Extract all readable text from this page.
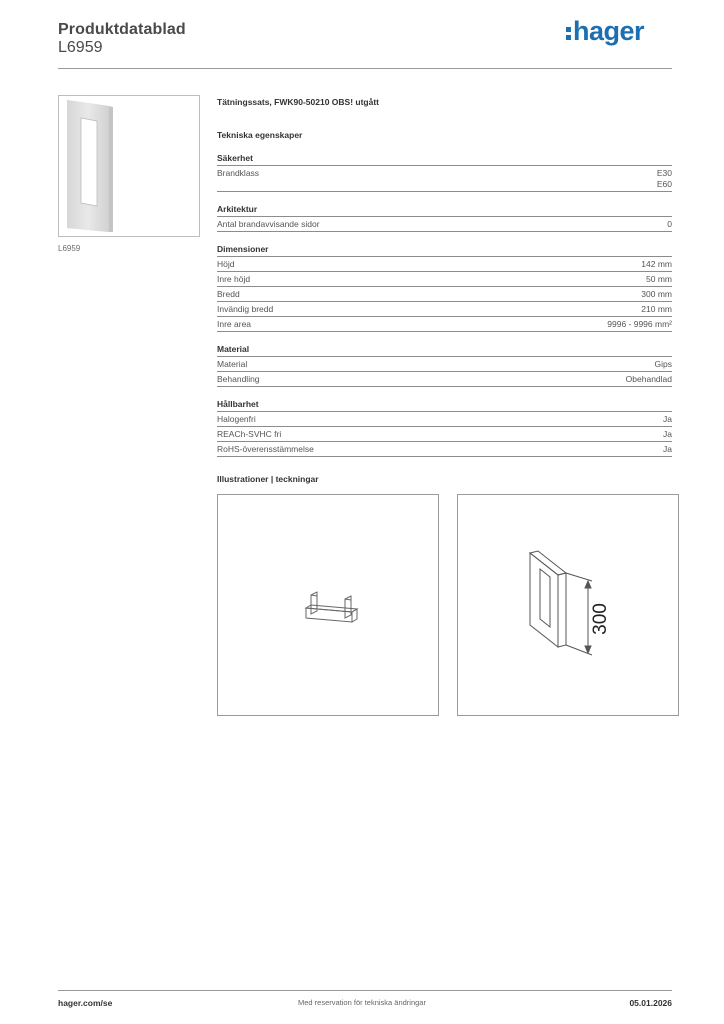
Produktdatablad
L6959
hager
L6959
Tätningssats, FWK90-50210 OBS! utgått
Tekniska egenskaper
Säkerhet
Brandklass	E30
E60
Arkitektur
Antal brandavvisande sidor	0
Dimensioner
Höjd	142 mm
Inre höjd	50 mm
Bredd	300 mm
Invändig bredd	210 mm
Inre area	9996 - 9996 mm²
Material
Material	Gips
Behandling	Obehandlad
Hållbarhet
Halogenfri	Ja
REACh-SVHC fri	Ja
RoHS-överensstämmelse	Ja
Illustrationer | teckningar
300
hager.com/se	Med reservation för tekniska ändringar	05.01.2026
